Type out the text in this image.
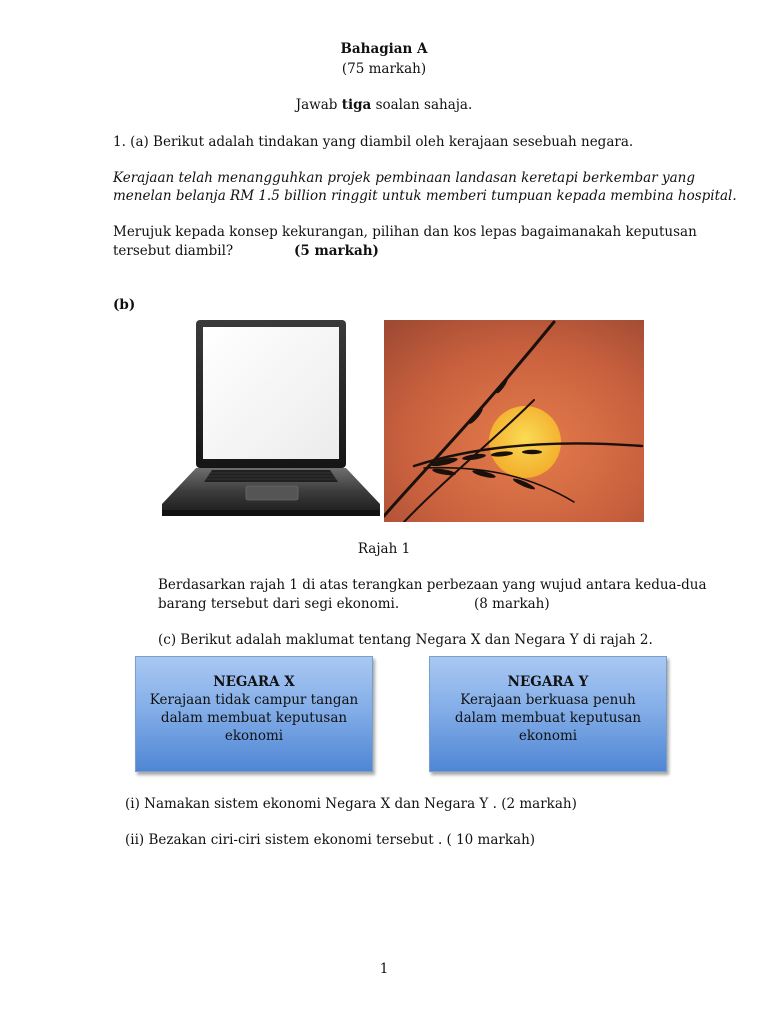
Bahagian A
(75 markah)
Jawab tiga soalan sahaja.
1. (a) Berikut adalah tindakan yang diambil oleh kerajaan sesebuah negara.
Kerajaan telah menangguhkan projek pembinaan landasan keretapi berkembar yang
menelan belanja RM 1.5 billion ringgit untuk memberi tumpuan kepada membina hospital.
Merujuk kepada konsep kekurangan, pilihan dan kos lepas bagaimanakah keputusan
tersebut diambil?	(5 markah)
(b)
Rajah 1
Berdasarkan rajah 1 di atas terangkan perbezaan yang wujud antara kedua-dua
barang tersebut dari segi ekonomi.	(8 markah)
(c) Berikut adalah maklumat tentang Negara X dan Negara Y di rajah 2.
NEGARA X
Kerajaan tidak campur tangan
dalam membuat keputusan
ekonomi
NEGARA Y
Kerajaan berkuasa penuh
dalam membuat keputusan
ekonomi
(i) Namakan sistem ekonomi Negara X dan Negara Y . (2 markah)
(ii) Bezakan ciri-ciri sistem ekonomi tersebut . ( 10 markah)
1
